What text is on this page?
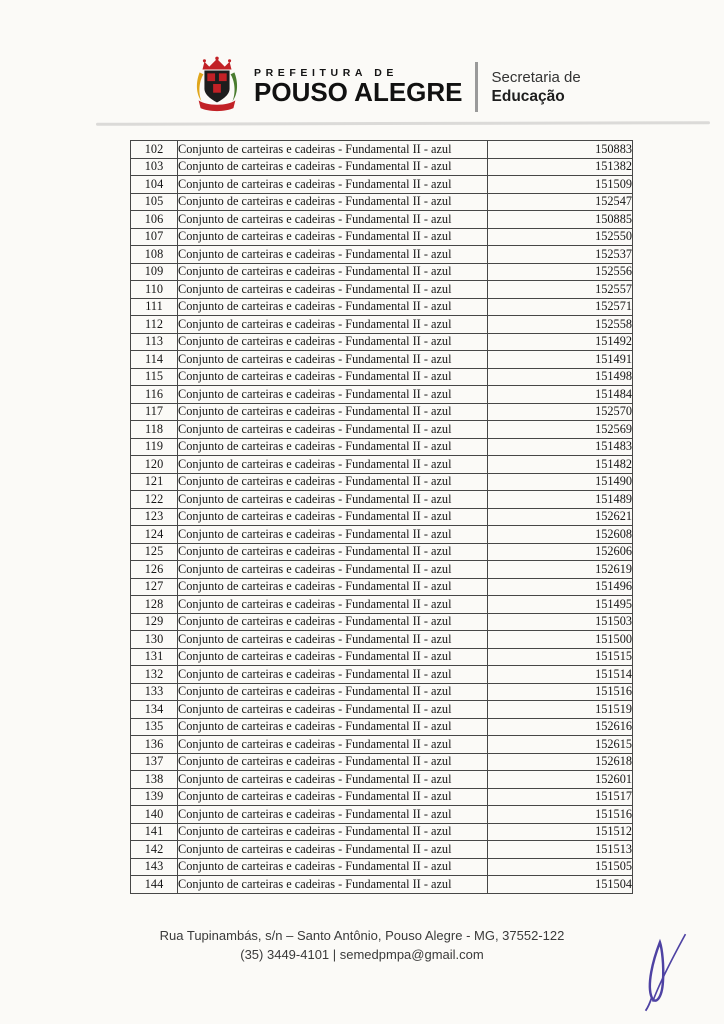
PREFEITURA DE
POUSO ALEGRE Secretaria de
Educação
102	Conjunto de carteiras e cadeiras - Fundamental II - azul	150883
103	Conjunto de carteiras e cadeiras - Fundamental II - azul	151382
104	Conjunto de carteiras e cadeiras - Fundamental II - azul	151509
105	Conjunto de carteiras e cadeiras - Fundamental II - azul	152547
106	Conjunto de carteiras e cadeiras - Fundamental II - azul	150885
107	Conjunto de carteiras e cadeiras - Fundamental II - azul	152550
108	Conjunto de carteiras e cadeiras - Fundamental II - azul	152537
109	Conjunto de carteiras e cadeiras - Fundamental II - azul	152556
110	Conjunto de carteiras e cadeiras - Fundamental II - azul	152557
111	Conjunto de carteiras e cadeiras - Fundamental II - azul	152571
112	Conjunto de carteiras e cadeiras - Fundamental II - azul	152558
113	Conjunto de carteiras e cadeiras - Fundamental II - azul	151492
114	Conjunto de carteiras e cadeiras - Fundamental II - azul	151491
115	Conjunto de carteiras e cadeiras - Fundamental II - azul	151498
116	Conjunto de carteiras e cadeiras - Fundamental II - azul	151484
117	Conjunto de carteiras e cadeiras - Fundamental II - azul	152570
118	Conjunto de carteiras e cadeiras - Fundamental II - azul	152569
119	Conjunto de carteiras e cadeiras - Fundamental II - azul	151483
120	Conjunto de carteiras e cadeiras - Fundamental II - azul	151482
121	Conjunto de carteiras e cadeiras - Fundamental II - azul	151490
122	Conjunto de carteiras e cadeiras - Fundamental II - azul	151489
123	Conjunto de carteiras e cadeiras - Fundamental II - azul	152621
124	Conjunto de carteiras e cadeiras - Fundamental II - azul	152608
125	Conjunto de carteiras e cadeiras - Fundamental II - azul	152606
126	Conjunto de carteiras e cadeiras - Fundamental II - azul	152619
127	Conjunto de carteiras e cadeiras - Fundamental II - azul	151496
128	Conjunto de carteiras e cadeiras - Fundamental II - azul	151495
129	Conjunto de carteiras e cadeiras - Fundamental II - azul	151503
130	Conjunto de carteiras e cadeiras - Fundamental II - azul	151500
131	Conjunto de carteiras e cadeiras - Fundamental II - azul	151515
132	Conjunto de carteiras e cadeiras - Fundamental II - azul	151514
133	Conjunto de carteiras e cadeiras - Fundamental II - azul	151516
134	Conjunto de carteiras e cadeiras - Fundamental II - azul	151519
135	Conjunto de carteiras e cadeiras - Fundamental II - azul	152616
136	Conjunto de carteiras e cadeiras - Fundamental II - azul	152615
137	Conjunto de carteiras e cadeiras - Fundamental II - azul	152618
138	Conjunto de carteiras e cadeiras - Fundamental II - azul	152601
139	Conjunto de carteiras e cadeiras - Fundamental II - azul	151517
140	Conjunto de carteiras e cadeiras - Fundamental II - azul	151516
141	Conjunto de carteiras e cadeiras - Fundamental II - azul	151512
142	Conjunto de carteiras e cadeiras - Fundamental II - azul	151513
143	Conjunto de carteiras e cadeiras - Fundamental II - azul	151505
144	Conjunto de carteiras e cadeiras - Fundamental II - azul	151504
Rua Tupinambás, s/n – Santo Antônio, Pouso Alegre - MG, 37552-122
(35) 3449-4101 | semedpmpa@gmail.com
